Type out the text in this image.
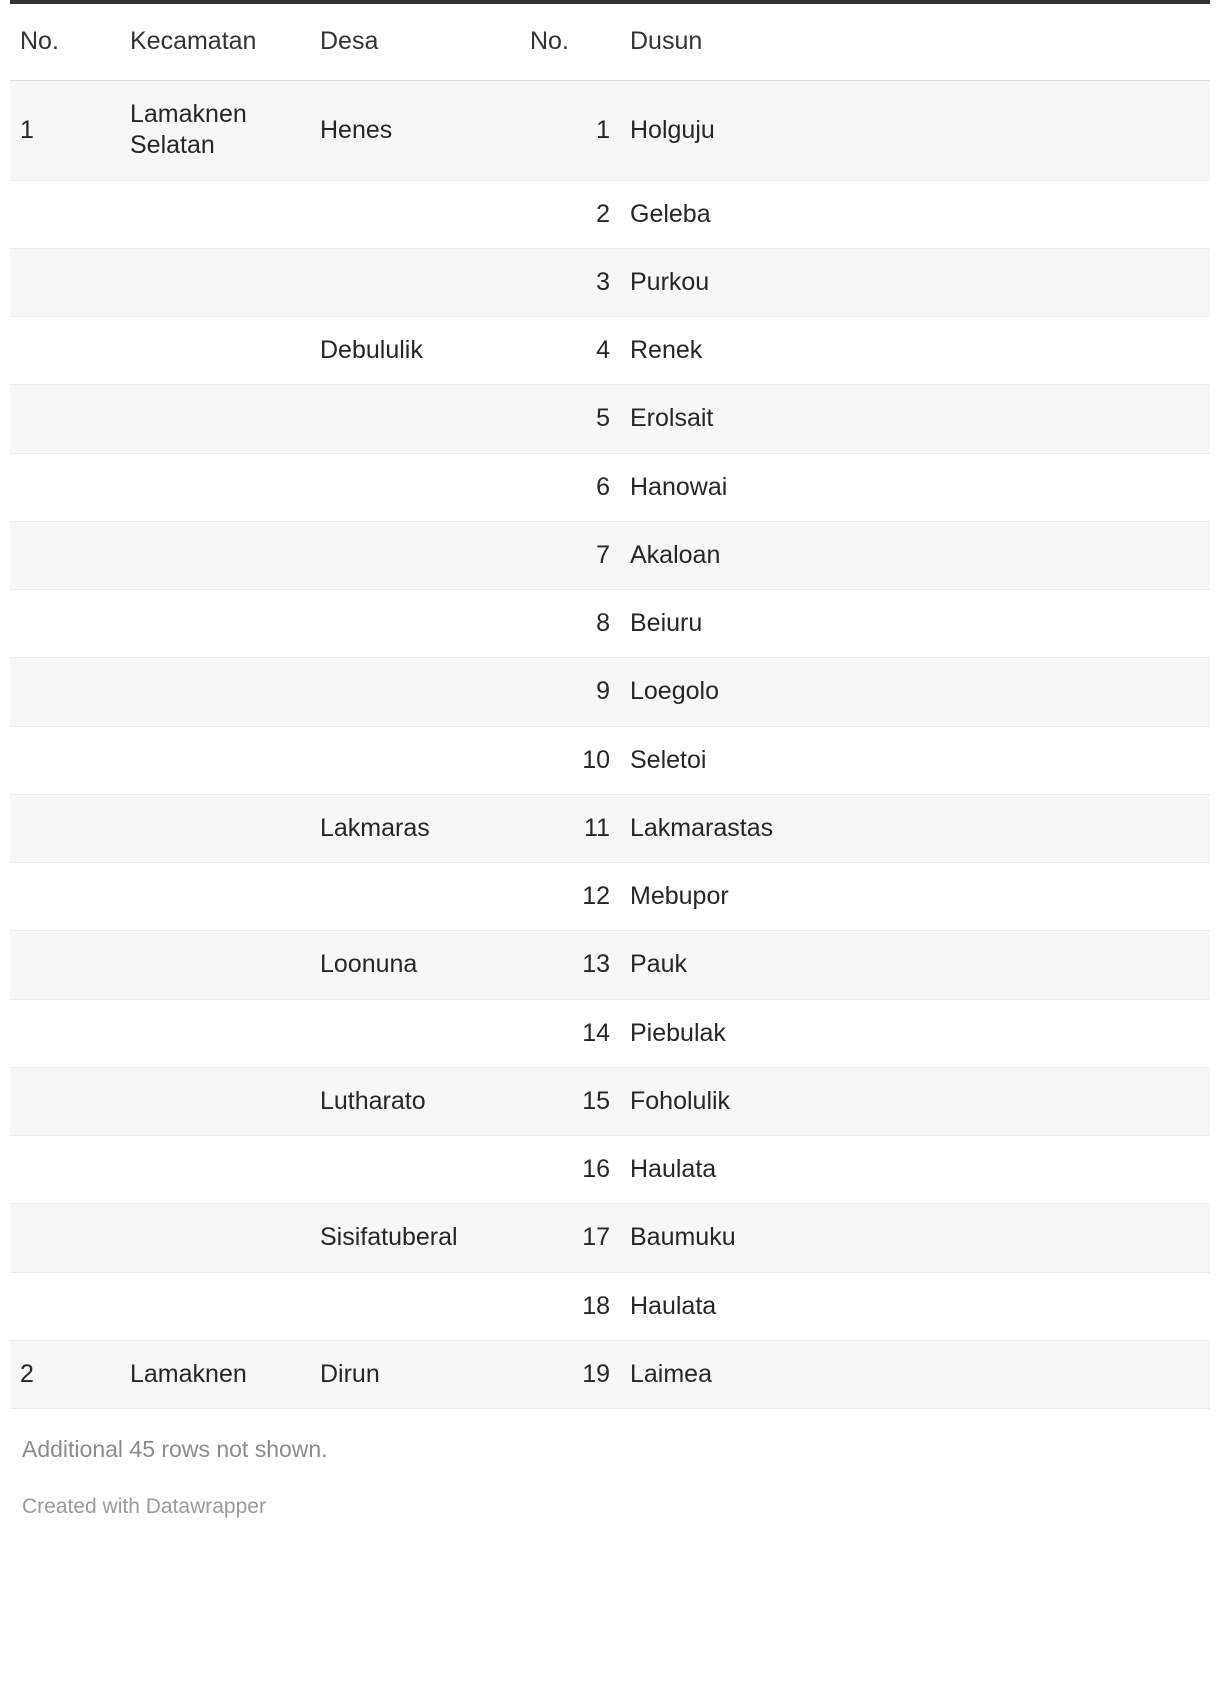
No.	Kecamatan	Desa	No.	Dusun
1	Lamaknen Selatan	Henes	1	Holguju
			2	Geleba
			3	Purkou
		Debululik	4	Renek
			5	Erolsait
			6	Hanowai
			7	Akaloan
			8	Beiuru
			9	Loegolo
			10	Seletoi
		Lakmaras	11	Lakmarastas
			12	Mebupor
		Loonuna	13	Pauk
			14	Piebulak
		Lutharato	15	Foholulik
			16	Haulata
		Sisifatuberal	17	Baumuku
			18	Haulata
2	Lamaknen	Dirun	19	Laimea
Additional 45 rows not shown.
Created with Datawrapper
